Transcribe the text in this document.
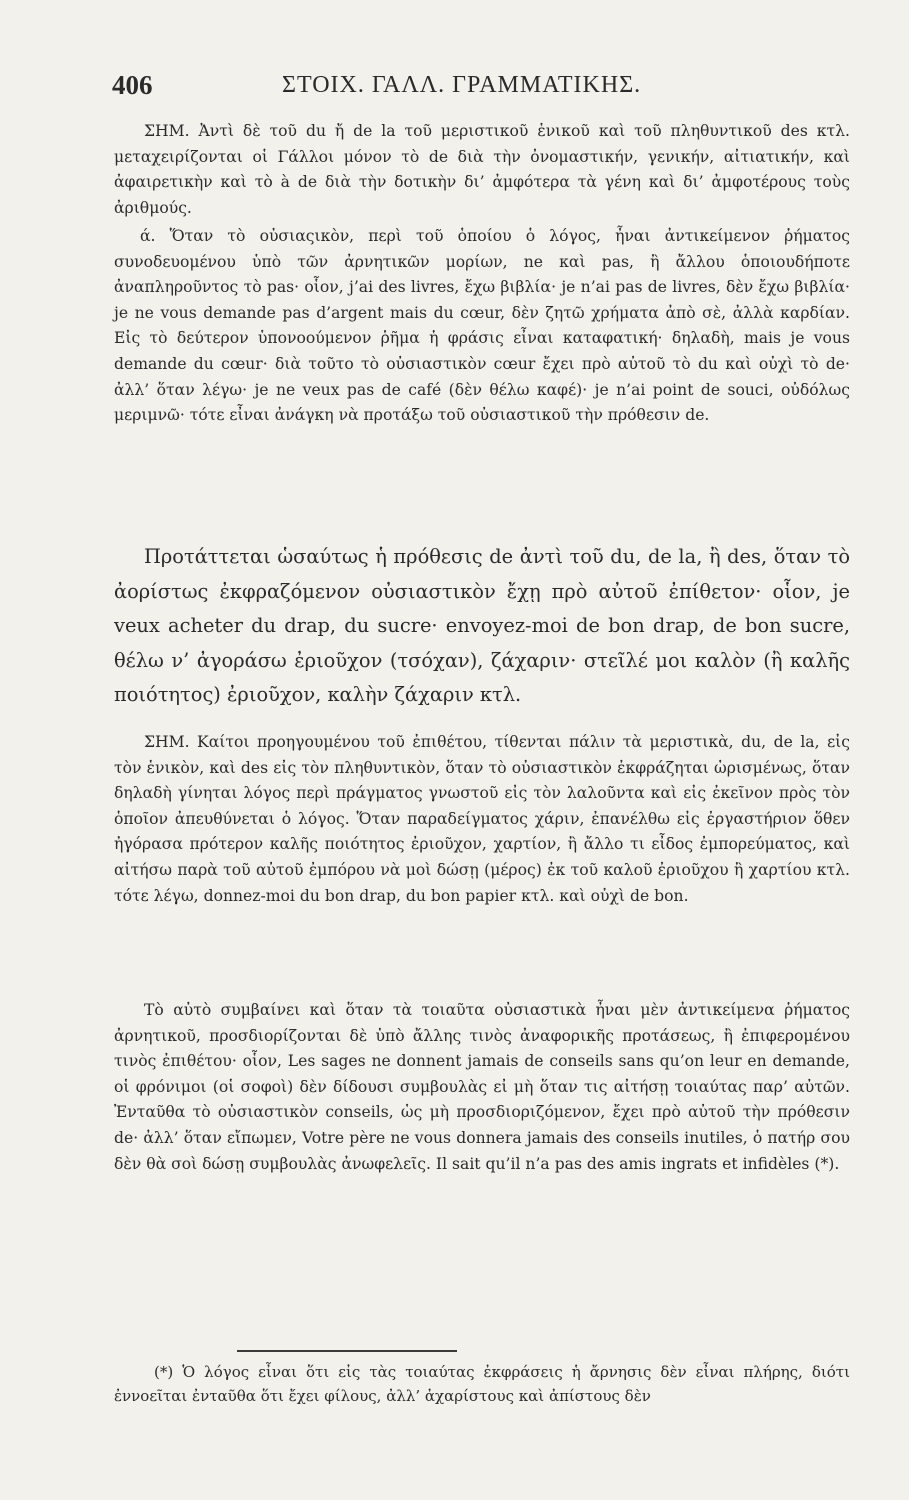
406	ΣΤΟΙΧ. ΓΑΛΛ. ΓΡΑΜΜΑΤΙΚΗΣ.
ΣΗΜ. Ἀντὶ δὲ τοῦ du ἤ de la τοῦ μεριστικοῦ ἑνικοῦ καὶ τοῦ πληθυντικοῦ des κτλ. μεταχειρίζονται οἱ Γάλλοι μόνον τὸ de διὰ τὴν ὀνομαστικήν, γενικήν, αἰτιατικήν, καὶ ἀφαιρετικὴν καὶ τὸ à de διὰ τὴν δοτικὴν δι’ ἀμφότερα τὰ γένη καὶ δι’ ἀμφοτέρους τοὺς ἀριθμούς.
ά. Ὅταν τὸ οὐσιαςικὸν, περὶ τοῦ ὁποίου ὁ λόγος, ἦναι ἀντικείμενον ῥήματος συνοδευομένου ὑπὸ τῶν ἀρνητικῶν μορίων, ne καὶ pas, ἢ ἄλλου ὁποιουδήποτε ἀναπληροῦντος τὸ pas· οἷον, j’ai des livres, ἔχω βιβλία· je n’ai pas de livres, δὲν ἔχω βιβλία· je ne vous demande pas d’argent mais du cœur, δὲν ζητῶ χρήματα ἀπὸ σὲ, ἀλλὰ καρδίαν. Εἰς τὸ δεύτερον ὑπονοούμενον ῥῆμα ἡ φράσις εἶναι καταφατική· δηλαδὴ, mais je vous demande du cœur· διὰ τοῦτο τὸ οὐσιαστικὸν cœur ἔχει πρὸ αὐτοῦ τὸ du καὶ οὐχὶ τὸ de· ἀλλ’ ὅταν λέγω· je ne veux pas de café (δὲν θέλω καφέ)· je n’ai point de souci, οὐδόλως μεριμνῶ· τότε εἶναι ἀνάγκη νὰ προτάξω τοῦ οὐσιαστικοῦ τὴν πρόθεσιν de.
Προτάττεται ὡσαύτως ἡ πρόθεσις de ἀντὶ τοῦ du, de la, ἢ des, ὅταν τὸ ἀορίστως ἐκφραζόμενον οὐσιαστικὸν ἔχῃ πρὸ αὐτοῦ ἐπίθετον· οἷον, je veux acheter du drap, du sucre· envoyez-moi de bon drap, de bon sucre, θέλω ν’ ἀγοράσω ἐριοῦχον (τσόχαν), ζάχαριν· στεῖλέ μοι καλὸν (ἢ καλῆς ποιότητος) ἐριοῦχον, καλὴν ζάχαριν κτλ.
ΣΗΜ. Καίτοι προηγουμένου τοῦ ἐπιθέτου, τίθενται πάλιν τὰ μεριστικὰ, du, de la, εἰς τὸν ἑνικὸν, καὶ des εἰς τὸν πληθυντικὸν, ὅταν τὸ οὐσιαστικὸν ἐκφράζηται ὡρισμένως, ὅταν δηλαδὴ γίνηται λόγος περὶ πράγματος γνωστοῦ εἰς τὸν λαλοῦντα καὶ εἰς ἐκεῖνον πρὸς τὸν ὁποῖον ἀπευθύνεται ὁ λόγος. Ὅταν παραδείγματος χάριν, ἐπανέλθω εἰς ἐργαστήριον ὅθεν ἠγόρασα πρότερον καλῆς ποιότητος ἐριοῦχον, χαρτίον, ἢ ἄλλο τι εἶδος ἐμπορεύματος, καὶ αἰτήσω παρὰ τοῦ αὐτοῦ ἐμπόρου νὰ μοὶ δώσῃ (μέρος) ἐκ τοῦ καλοῦ ἐριοῦχου ἢ χαρτίου κτλ. τότε λέγω, donnez-moi du bon drap, du bon papier κτλ. καὶ οὐχὶ de bon.
Τὸ αὐτὸ συμβαίνει καὶ ὅταν τὰ τοιαῦτα οὐσιαστικὰ ἦναι μὲν ἀντικείμενα ῥήματος ἀρνητικοῦ, προσδιορίζονται δὲ ὑπὸ ἄλλης τινὸς ἀναφορικῆς προτάσεως, ἢ ἐπιφερομένου τινὸς ἐπιθέτου· οἷον, Les sages ne donnent jamais de conseils sans qu’on leur en demande, οἱ φρόνιμοι (οἱ σοφοὶ) δὲν δίδουσι συμβουλὰς εἰ μὴ ὅταν τις αἰτήσῃ τοιαύτας παρ’ αὐτῶν. Ἐνταῦθα τὸ οὐσιαστικὸν conseils, ὡς μὴ προσδιοριζόμενον, ἔχει πρὸ αὐτοῦ τὴν πρόθεσιν de· ἀλλ’ ὅταν εἴπωμεν, Votre père ne vous donnera jamais des conseils inutiles, ὁ πατήρ σου δὲν θὰ σοὶ δώσῃ συμβουλὰς ἀνωφελεῖς. Il sait qu’il n’a pas des amis ingrats et infidèles (*).
(*) Ὁ λόγος εἶναι ὅτι εἰς τὰς τοιαύτας ἐκφράσεις ἡ ἄρνησις δὲν εἶναι πλήρης, διότι ἐννοεῖται ἐνταῦθα ὅτι ἔχει φίλους, ἀλλ’ ἀχαρίστους καὶ ἀπίστους δὲν
